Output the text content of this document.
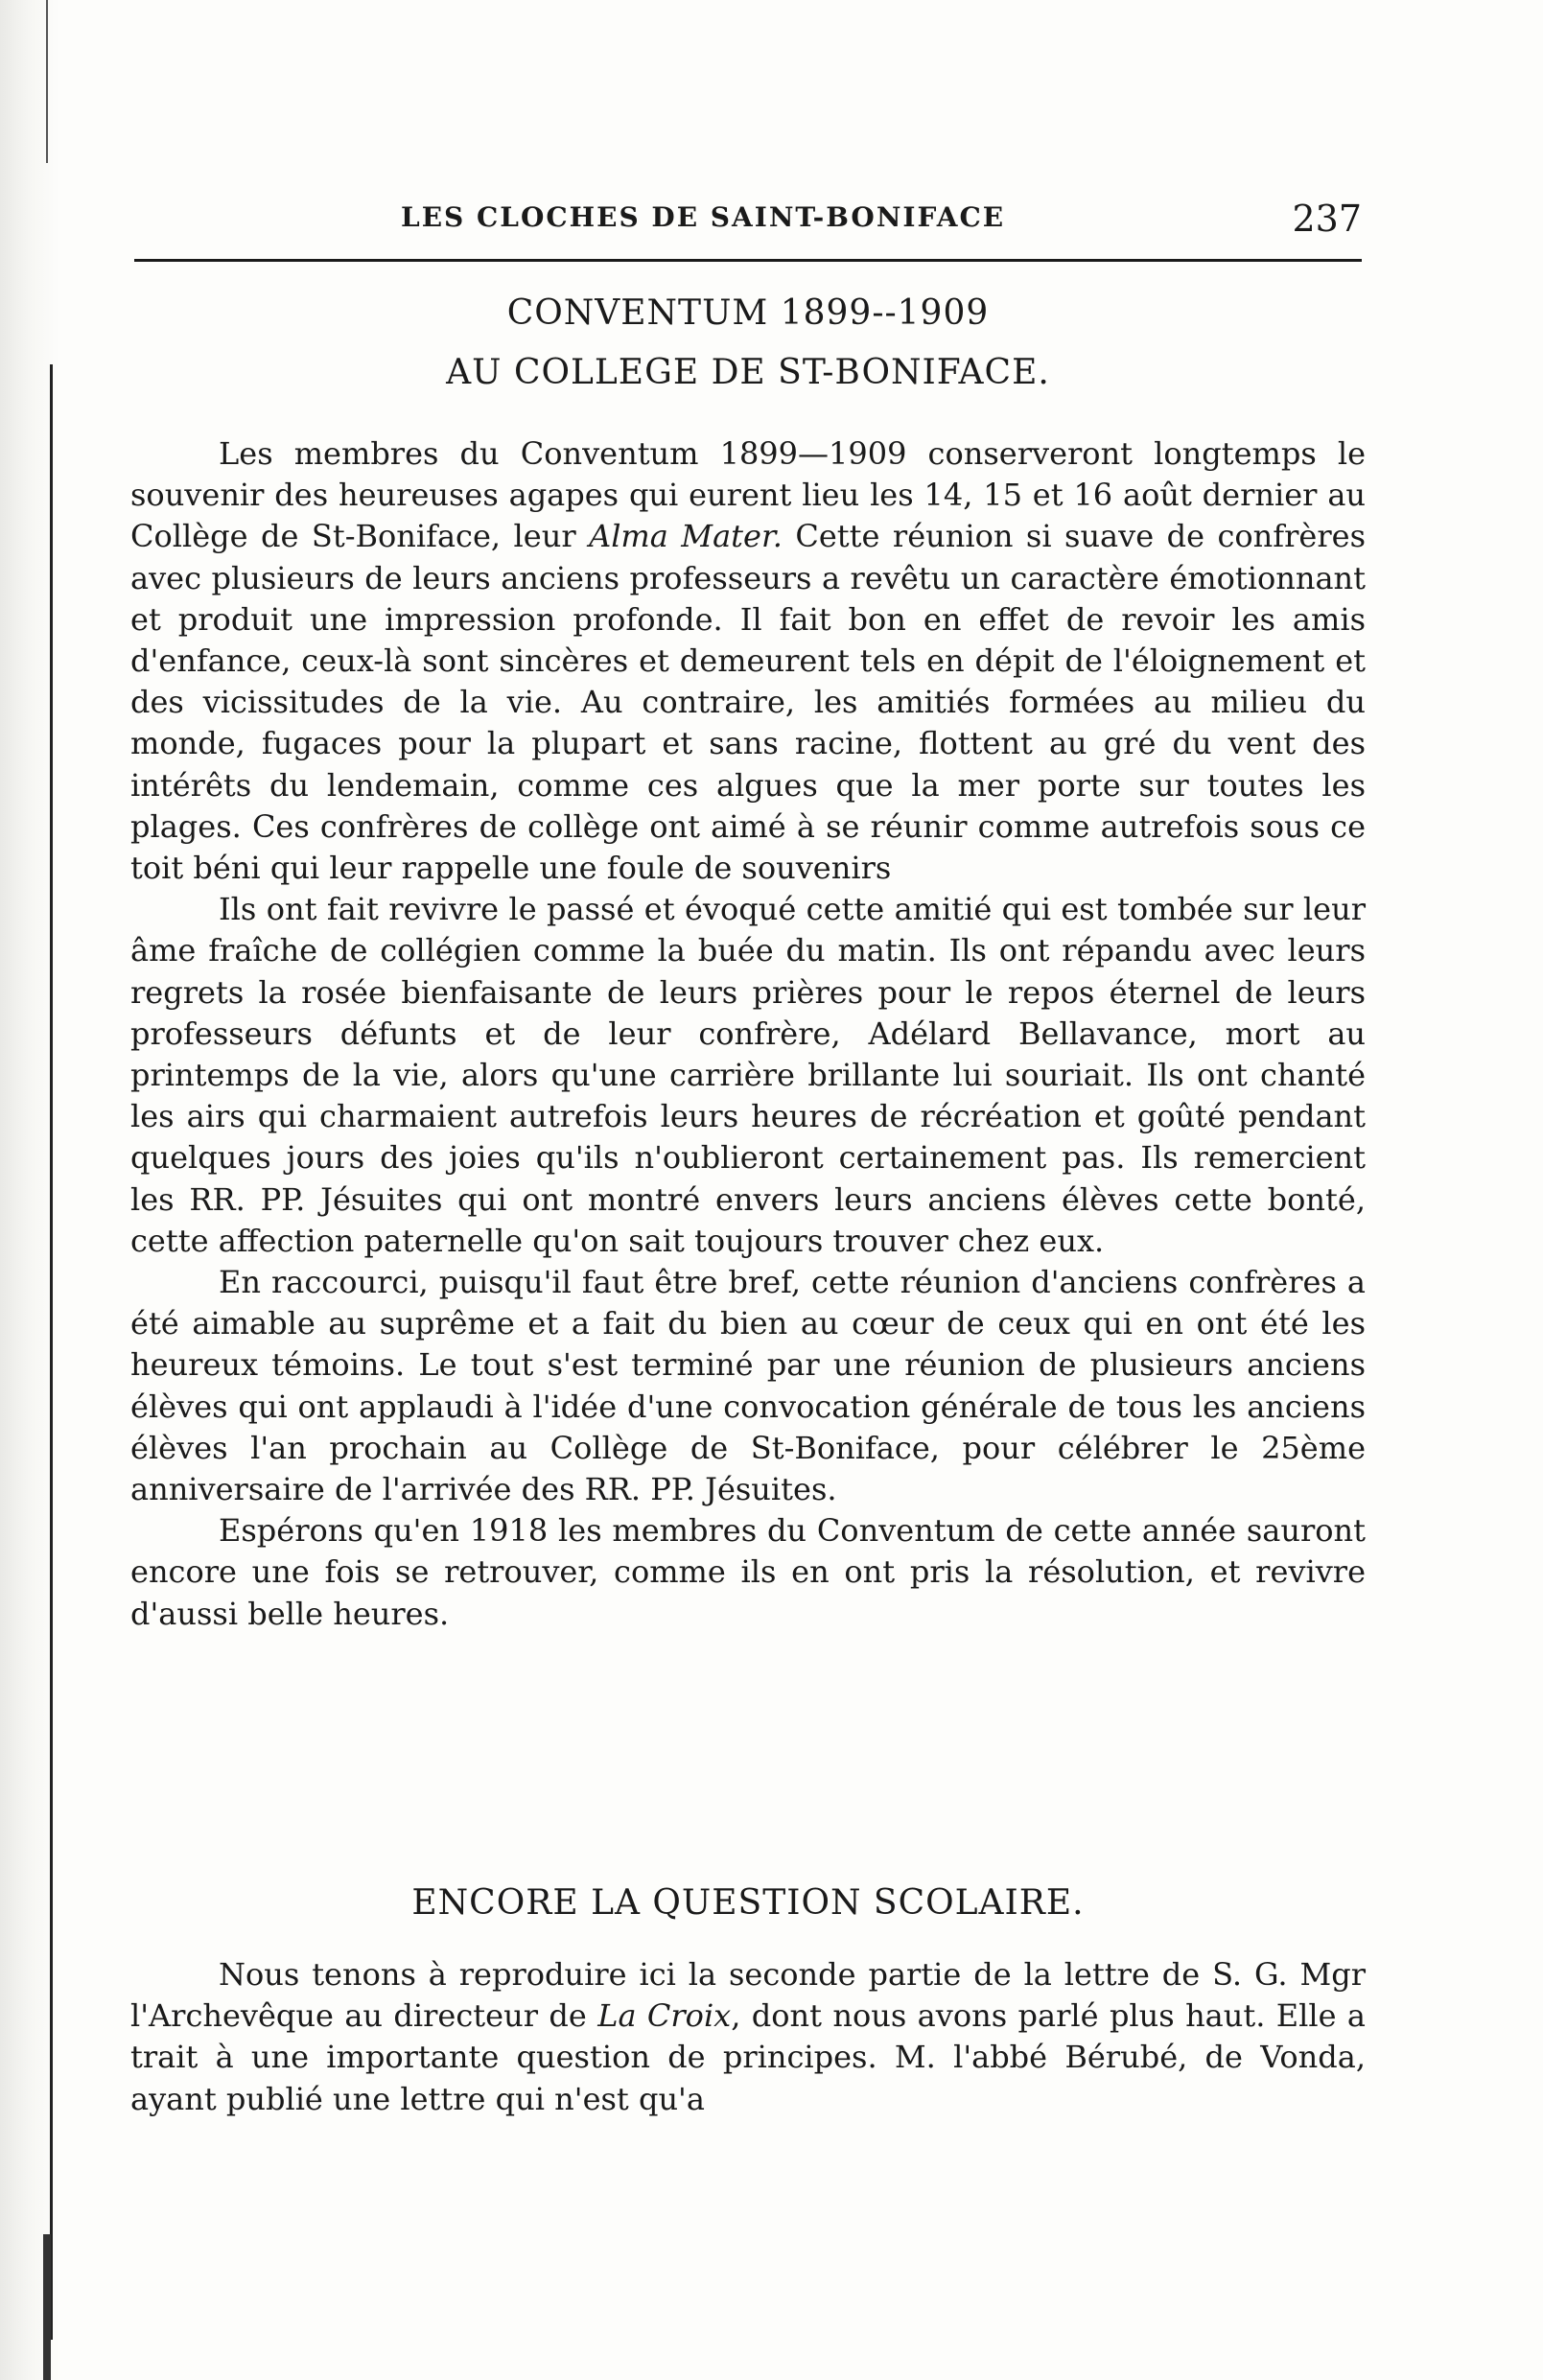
LES CLOCHES DE SAINT-BONIFACE	237
CONVENTUM 1899--1909
AU COLLEGE DE ST-BONIFACE.

Les membres du Conventum 1899—1909 conserveront longtemps le souvenir des heureuses agapes qui eurent lieu les 14, 15 et 16 août dernier au Collège de St-Boniface, leur Alma Mater. Cette réunion si suave de confrères avec plusieurs de leurs anciens professeurs a revêtu un caractère émotionnant et produit une impression profonde. Il fait bon en effet de revoir les amis d'enfance, ceux-là sont sincères et demeurent tels en dépit de l'éloignement et des vicissitudes de la vie. Au contraire, les amitiés formées au milieu du monde, fugaces pour la plupart et sans racine, flottent au gré du vent des intérêts du lendemain, comme ces algues que la mer porte sur toutes les plages. Ces confrères de collège ont aimé à se réunir comme autrefois sous ce toit béni qui leur rappelle une foule de souvenirs

Ils ont fait revivre le passé et évoqué cette amitié qui est tombée sur leur âme fraîche de collégien comme la buée du matin. Ils ont répandu avec leurs regrets la rosée bienfaisante de leurs prières pour le repos éternel de leurs professeurs défunts et de leur confrère, Adélard Bellavance, mort au printemps de la vie, alors qu'une carrière brillante lui souriait. Ils ont chanté les airs qui charmaient autrefois leurs heures de récréation et goûté pendant quelques jours des joies qu'ils n'oublieront certainement pas. Ils remercient les RR. PP. Jésuites qui ont montré envers leurs anciens élèves cette bonté, cette affection paternelle qu'on sait toujours trouver chez eux.

En raccourci, puisqu'il faut être bref, cette réunion d'anciens confrères a été aimable au suprême et a fait du bien au cœur de ceux qui en ont été les heureux témoins. Le tout s'est terminé par une réunion de plusieurs anciens élèves qui ont applaudi à l'idée d'une convocation générale de tous les anciens élèves l'an prochain au Collège de St-Boniface, pour célébrer le 25ème anniversaire de l'arrivée des RR. PP. Jésuites.

Espérons qu'en 1918 les membres du Conventum de cette année sauront encore une fois se retrouver, comme ils en ont pris la résolution, et revivre d'aussi belle heures.

ENCORE LA QUESTION SCOLAIRE.

Nous tenons à reproduire ici la seconde partie de la lettre de S. G. Mgr l'Archevêque au directeur de La Croix, dont nous avons parlé plus haut. Elle a trait à une importante question de principes. M. l'abbé Bérubé, de Vonda, ayant publié une lettre qui n'est qu'a
